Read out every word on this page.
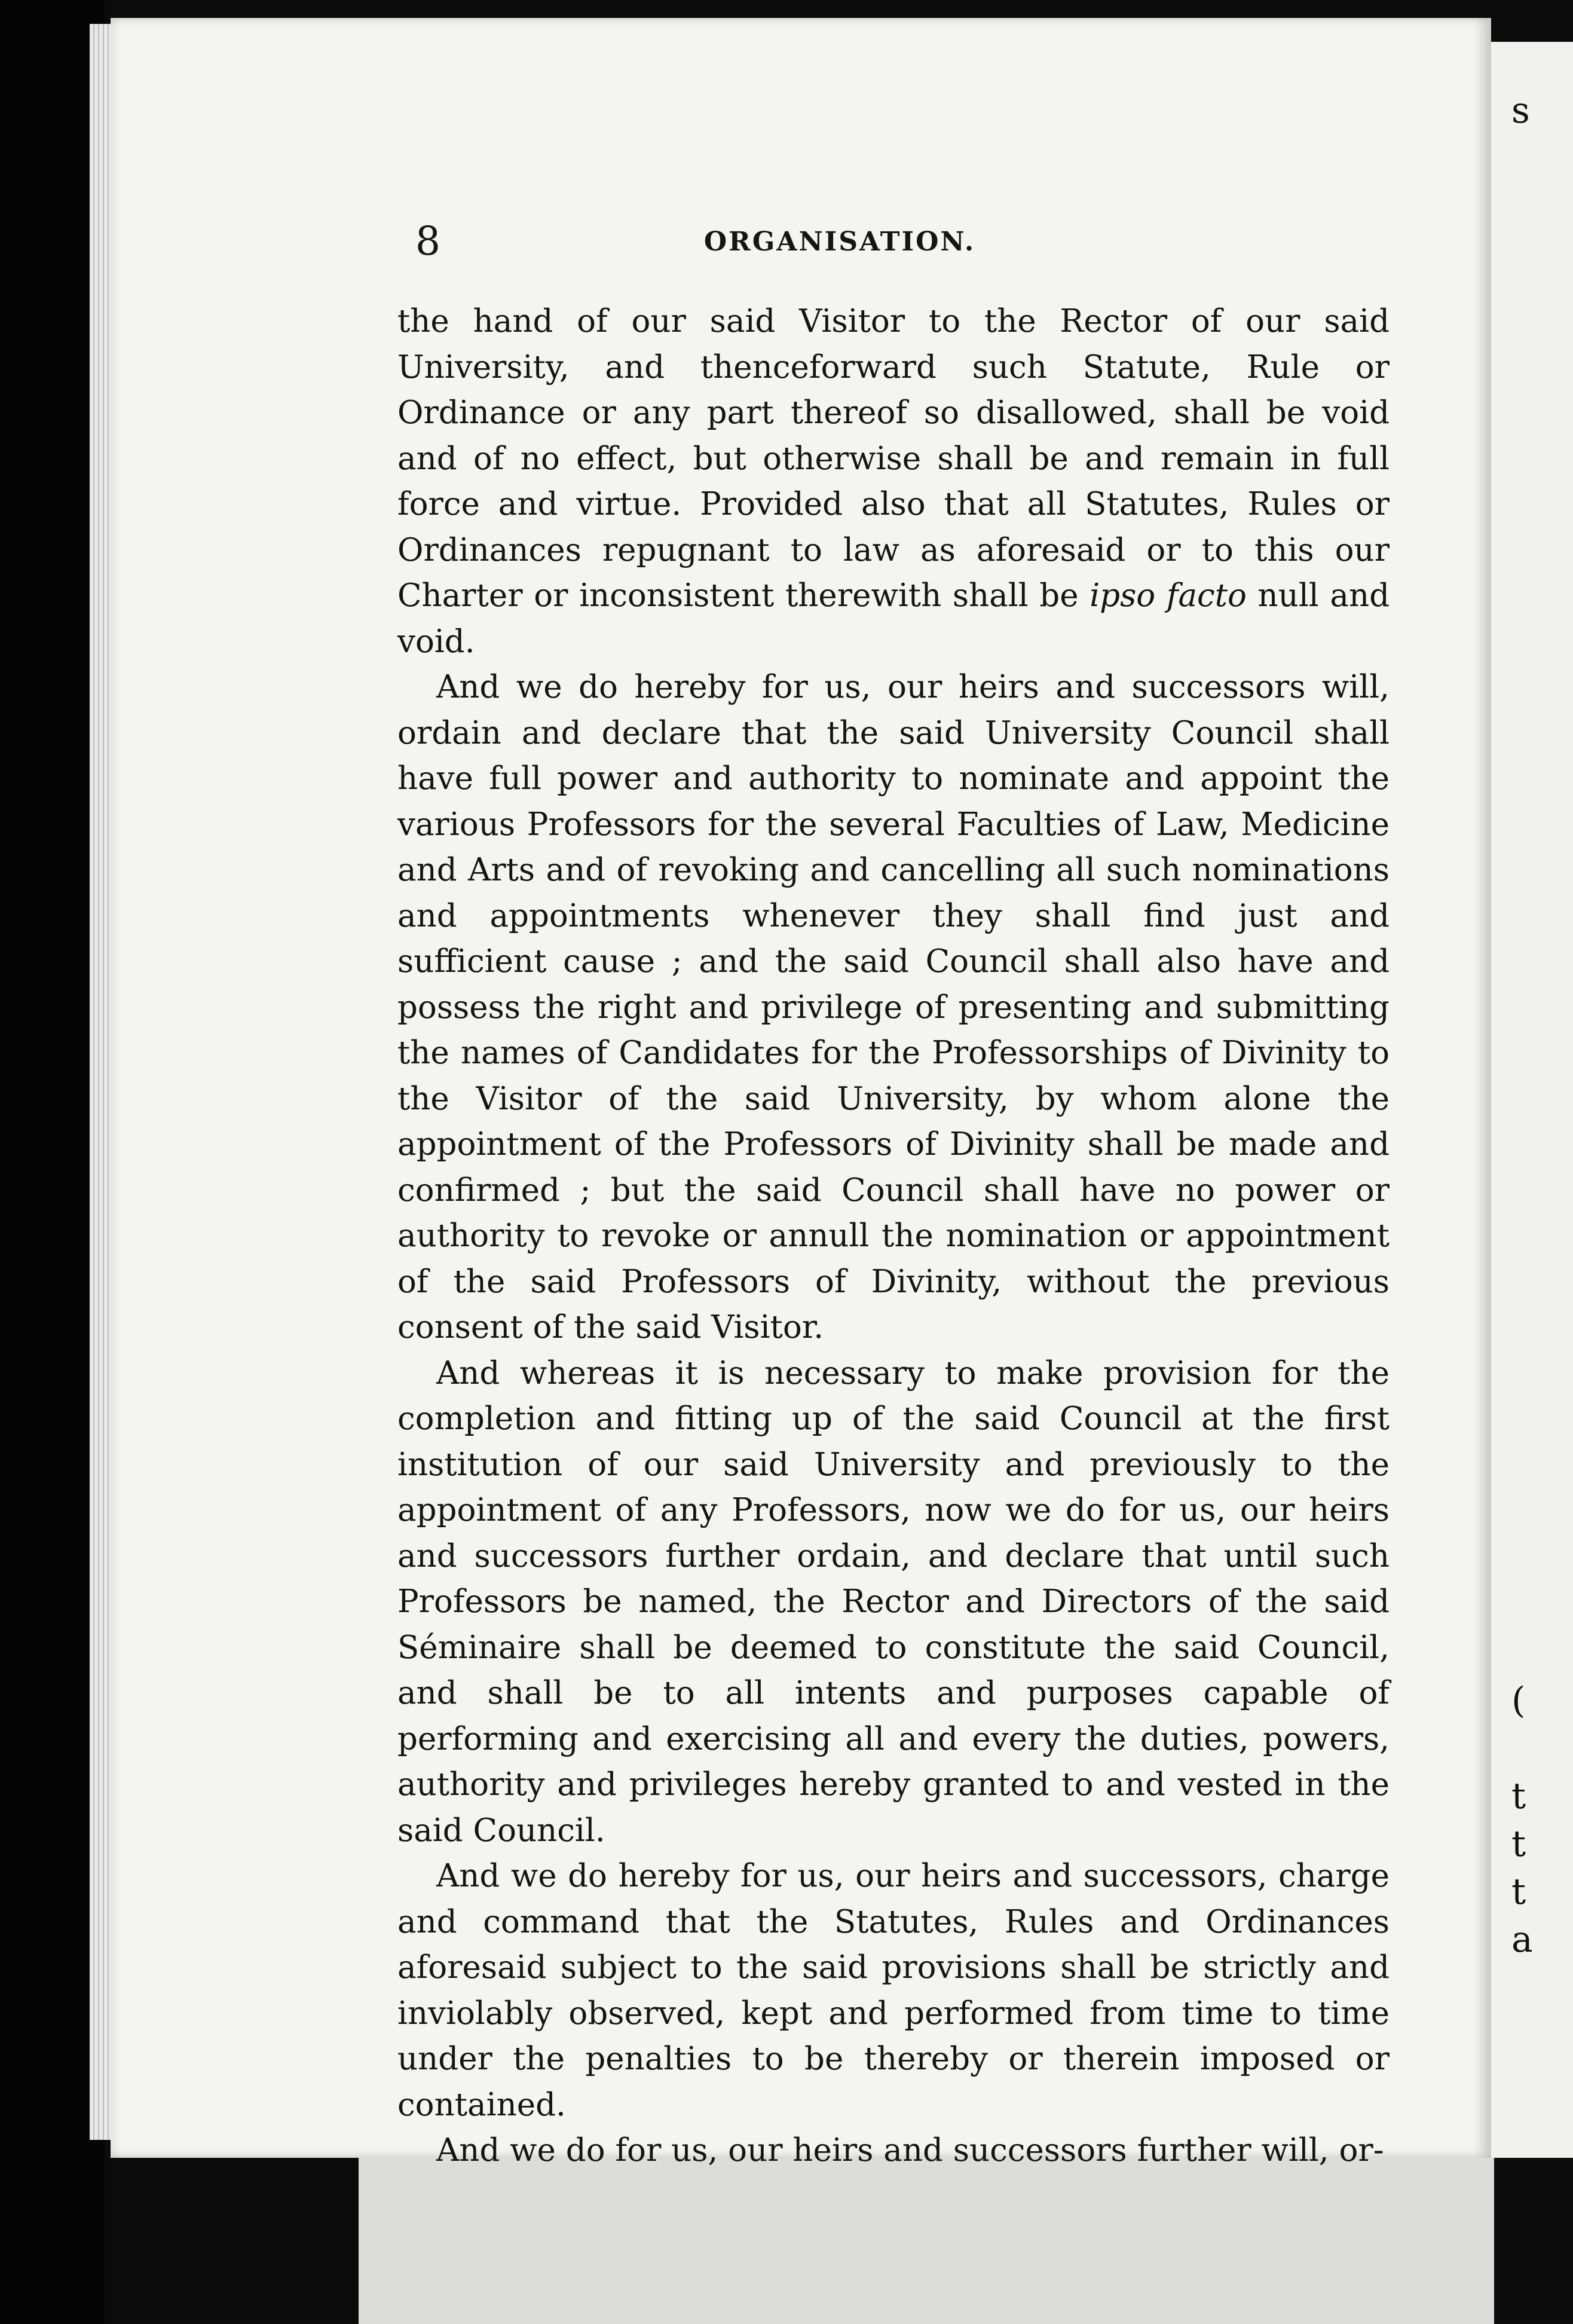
s
(
t
t
t
a
8	ORGANISATION.

the hand of our said Visitor to the Rector of our said University, and thenceforward such Statute, Rule or Ordinance or any part thereof so disallowed, shall be void and of no effect, but otherwise shall be and remain in full force and virtue. Provided also that all Statutes, Rules or Ordinances repugnant to law as aforesaid or to this our Charter or inconsistent therewith shall be ipso facto null and void.

And we do hereby for us, our heirs and successors will, ordain and declare that the said University Council shall have full power and authority to nominate and appoint the various Professors for the several Faculties of Law, Medicine and Arts and of revoking and cancelling all such nominations and appointments whenever they shall find just and sufficient cause ; and the said Council shall also have and possess the right and privilege of presenting and submitting the names of Candidates for the Professorships of Divinity to the Visitor of the said University, by whom alone the appointment of the Professors of Divinity shall be made and confirmed ; but the said Council shall have no power or authority to revoke or annull the nomination or appointment of the said Professors of Divinity, without the previous consent of the said Visitor.

And whereas it is necessary to make provision for the completion and fitting up of the said Council at the first institution of our said University and previously to the appointment of any Professors, now we do for us, our heirs and successors further ordain, and declare that until such Professors be named, the Rector and Directors of the said Séminaire shall be deemed to constitute the said Council, and shall be to all intents and purposes capable of performing and exercising all and every the duties, powers, authority and privileges hereby granted to and vested in the said Council.

And we do hereby for us, our heirs and successors, charge and command that the Statutes, Rules and Ordinances aforesaid subject to the said provisions shall be strictly and inviolably observed, kept and performed from time to time under the penalties to be thereby or therein imposed or contained.

And we do for us, our heirs and successors further will, or-
